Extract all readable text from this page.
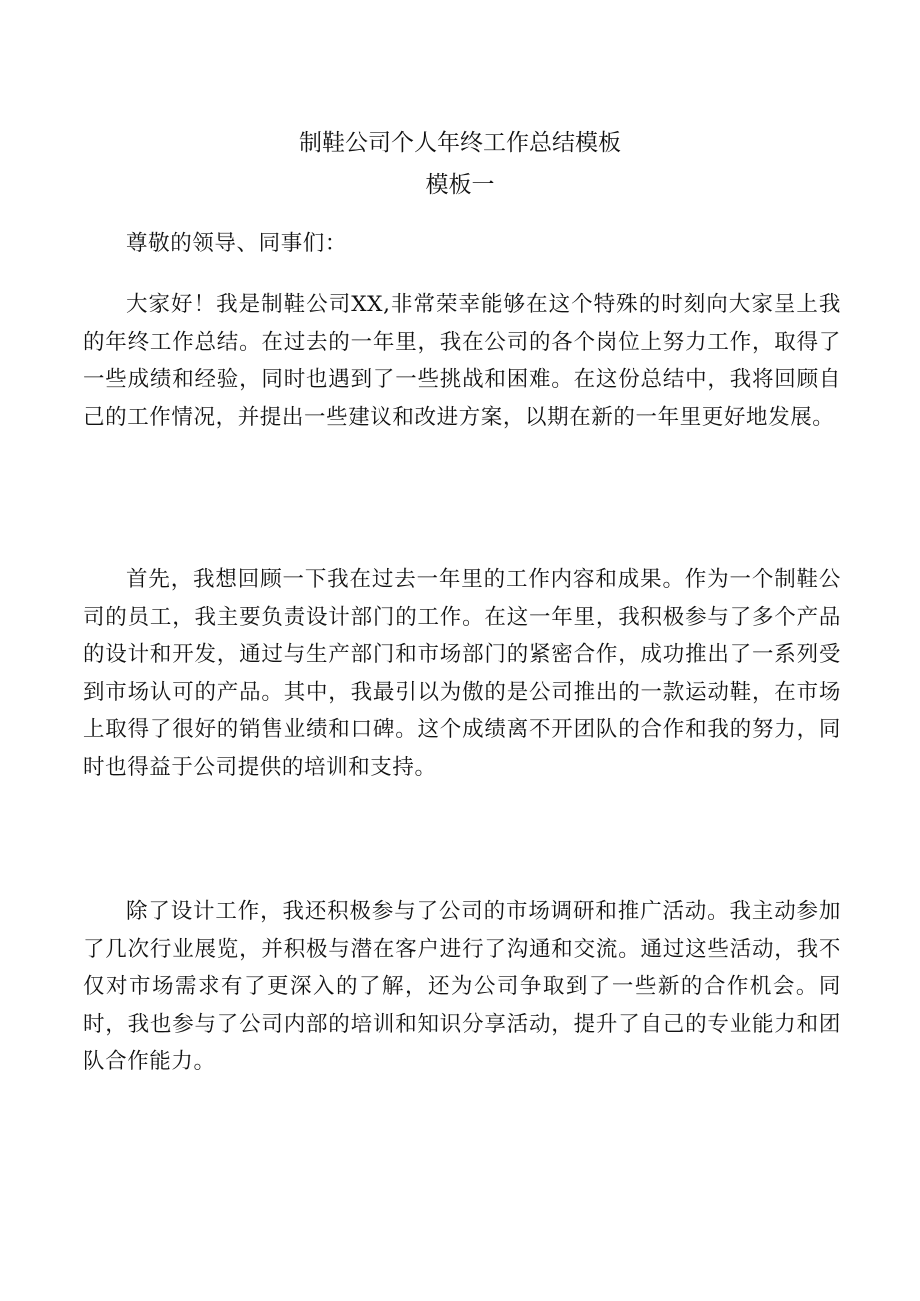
制鞋公司个人年终工作总结模板
模板一

尊敬的领导、同事们：

大家好！我是制鞋公司XX,非常荣幸能够在这个特殊的时刻向大家呈上我的年终工作总结。在过去的一年里，我在公司的各个岗位上努力工作，取得了一些成绩和经验，同时也遇到了一些挑战和困难。在这份总结中，我将回顾自己的工作情况，并提出一些建议和改进方案，以期在新的一年里更好地发展。

首先，我想回顾一下我在过去一年里的工作内容和成果。作为一个制鞋公司的员工，我主要负责设计部门的工作。在这一年里，我积极参与了多个产品的设计和开发，通过与生产部门和市场部门的紧密合作，成功推出了一系列受到市场认可的产品。其中，我最引以为傲的是公司推出的一款运动鞋，在市场上取得了很好的销售业绩和口碑。这个成绩离不开团队的合作和我的努力，同时也得益于公司提供的培训和支持。

除了设计工作，我还积极参与了公司的市场调研和推广活动。我主动参加了几次行业展览，并积极与潜在客户进行了沟通和交流。通过这些活动，我不仅对市场需求有了更深入的了解，还为公司争取到了一些新的合作机会。同时，我也参与了公司内部的培训和知识分享活动，提升了自己的专业能力和团队合作能力。
